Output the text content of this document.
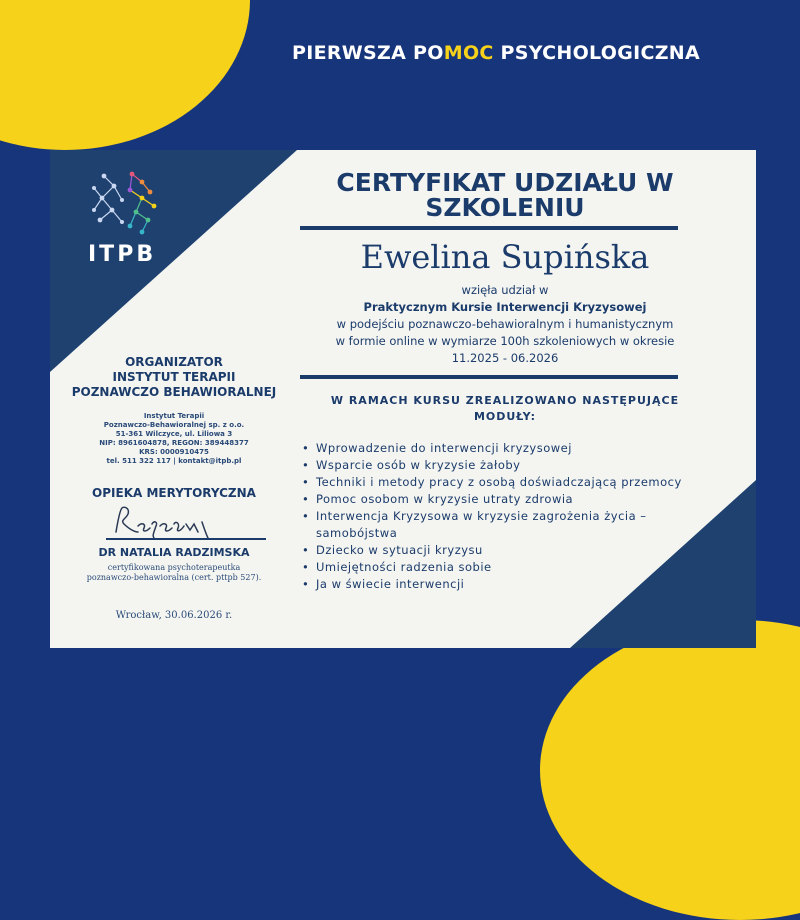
PIERWSZA POMOC PSYCHOLOGICZNA
ITPB
ORGANIZATOR
INSTYTUT TERAPII
POZNAWCZO BEHAWIORALNEJ
Instytut Terapii
Poznawczo-Behawioralnej sp. z o.o.
51-361 Wilczyce, ul. Liliowa 3
NIP: 8961604878, REGON: 389448377
KRS: 0000910475
tel. 511 322 117 | kontakt@itpb.pl
OPIEKA MERYTORYCZNA
DR NATALIA RADZIMSKA
certyfikowana psychoterapeutka
poznawczo-behawioralna (cert. pttpb 527).
Wrocław, 30.06.2026 r.
CERTYFIKAT UDZIAŁU W
SZKOLENIU
Ewelina Supińska
wzięła udział w
Praktycznym Kursie Interwencji Kryzysowej
w podejściu poznawczo-behawioralnym i humanistycznym
w formie online w wymiarze 100h szkoleniowych w okresie
11.2025 - 06.2026
W RAMACH KURSU ZREALIZOWANO NASTĘPUJĄCE
MODUŁY:
• Wprowadzenie do interwencji kryzysowej
• Wsparcie osób w kryzysie żałoby
• Techniki i metody pracy z osobą doświadczającą przemocy
• Pomoc osobom w kryzysie utraty zdrowia
• Interwencja Kryzysowa w kryzysie zagrożenia życia – samobójstwa
• Dziecko w sytuacji kryzysu
• Umiejętności radzenia sobie
• Ja w świecie interwencji
